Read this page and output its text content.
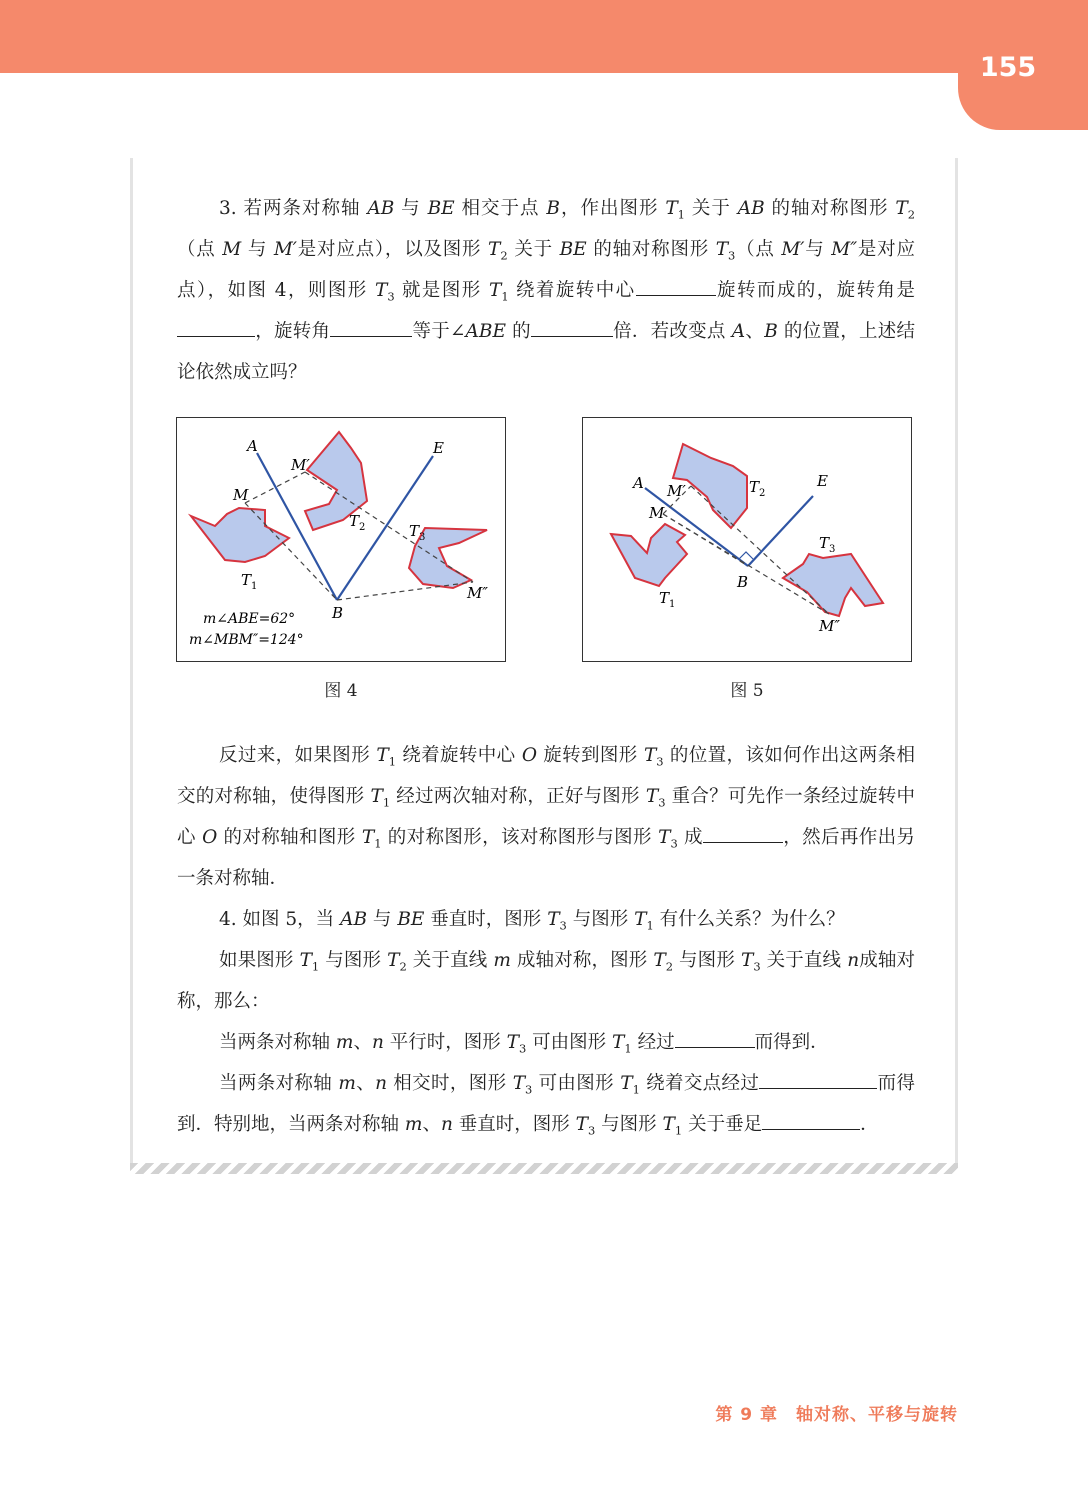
155

3. 若两条对称轴 AB 与 BE 相交于点 B，作出图形 $T_1$ 关于 AB 的轴对称图形 $T_2$（点 M 与 M′是对应点），以及图形 $T_2$ 关于 BE 的轴对称图形 $T_3$（点 M′与 M″是对应点），如图 4，则图形 $T_3$ 就是图形 $T_1$ 绕着旋转中心	旋转而成的，旋转角是，旋转角	等于∠ABE 的	倍．若改变点 A、B 的位置，上述结论依然成立吗？

A	E
B
M
M′
M″
$T_1$
$T_2$	$T_3$
m∠ABE=62°
m∠MBM″=124°
A	E
B
M
M′
M″
$T_1$
$T_2$
$T_3$
图 4	图 5

反过来，如果图形 $T_1$ 绕着旋转中心 O 旋转到图形 $T_3$ 的位置，该如何作出这两条相交的对称轴，使得图形 $T_1$ 经过两次轴对称，正好与图形 $T_3$ 重合？可先作一条经过旋转中心 O 的对称轴和图形 $T_1$ 的对称图形，该对称图形与图形 $T_3$ 成	，然后再作出另一条对称轴．

4. 如图 5，当 AB 与 BE 垂直时，图形 $T_3$ 与图形 $T_1$ 有什么关系？为什么？

如果图形 $T_1$ 与图形 $T_2$ 关于直线 m 成轴对称，图形 $T_2$ 与图形 $T_3$ 关于直线 n成轴对称，那么：

当两条对称轴 m、n 平行时，图形 $T_3$ 可由图形 $T_1$ 经过	而得到．

当两条对称轴 m、n 相交时，图形 $T_3$ 可由图形 $T_1$ 绕着交点经过	而得到．特别地，当两条对称轴 m、n 垂直时，图形 $T_3$ 与图形 $T_1$ 关于垂足	．

第 9 章 轴对称、平移与旋转
